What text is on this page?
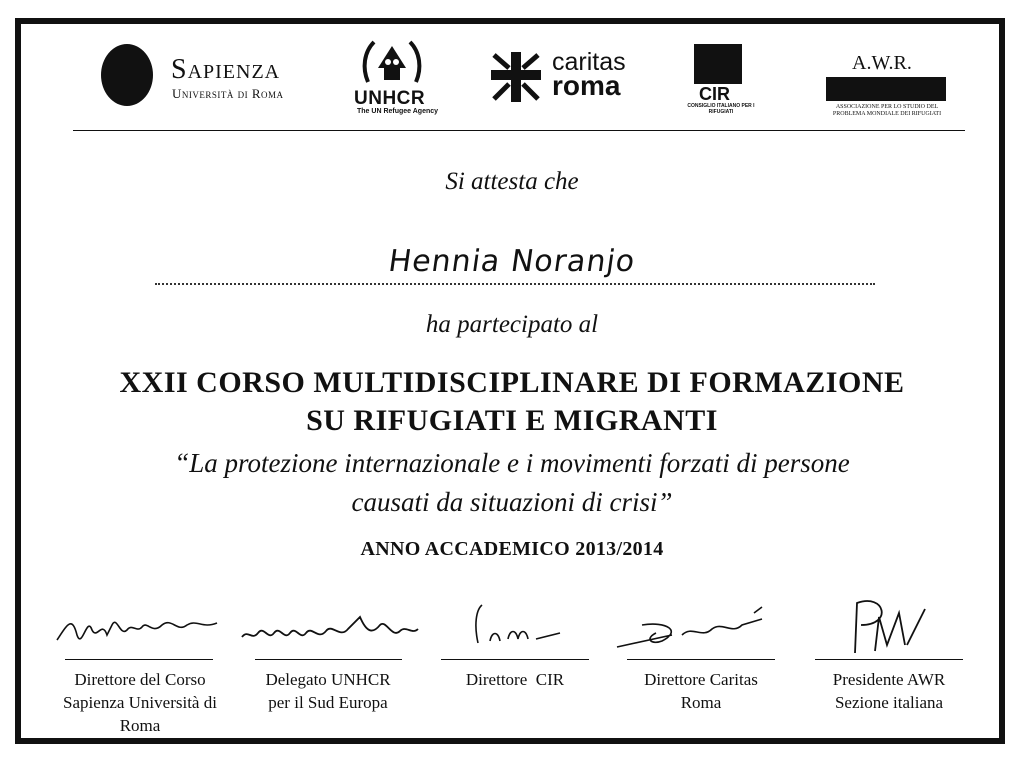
Sapienza
Università di Roma	UNHCR
The UN Refugee Agency
caritas
roma	CIR
CONSIGLIO ITALIANO PER I RIFUGIATI
A.W.R.
ASSOCIAZIONE PER LO STUDIO DEL PROBLEMA MONDIALE DEI RIFUGIATI
Si attesta che
Hennia Noranjo
ha partecipato al
XXII CORSO MULTIDISCIPLINARE DI FORMAZIONE
SU RIFUGIATI E MIGRANTI
“La protezione internazionale e i movimenti forzati di persone
causati da situazioni di crisi”
ANNO ACCADEMICO 2013/2014
Direttore del Corso
Sapienza Università di
Roma
Delegato UNHCR
per il Sud Europa
Direttore  CIR	Direttore Caritas
Roma
Presidente AWR
Sezione italiana
